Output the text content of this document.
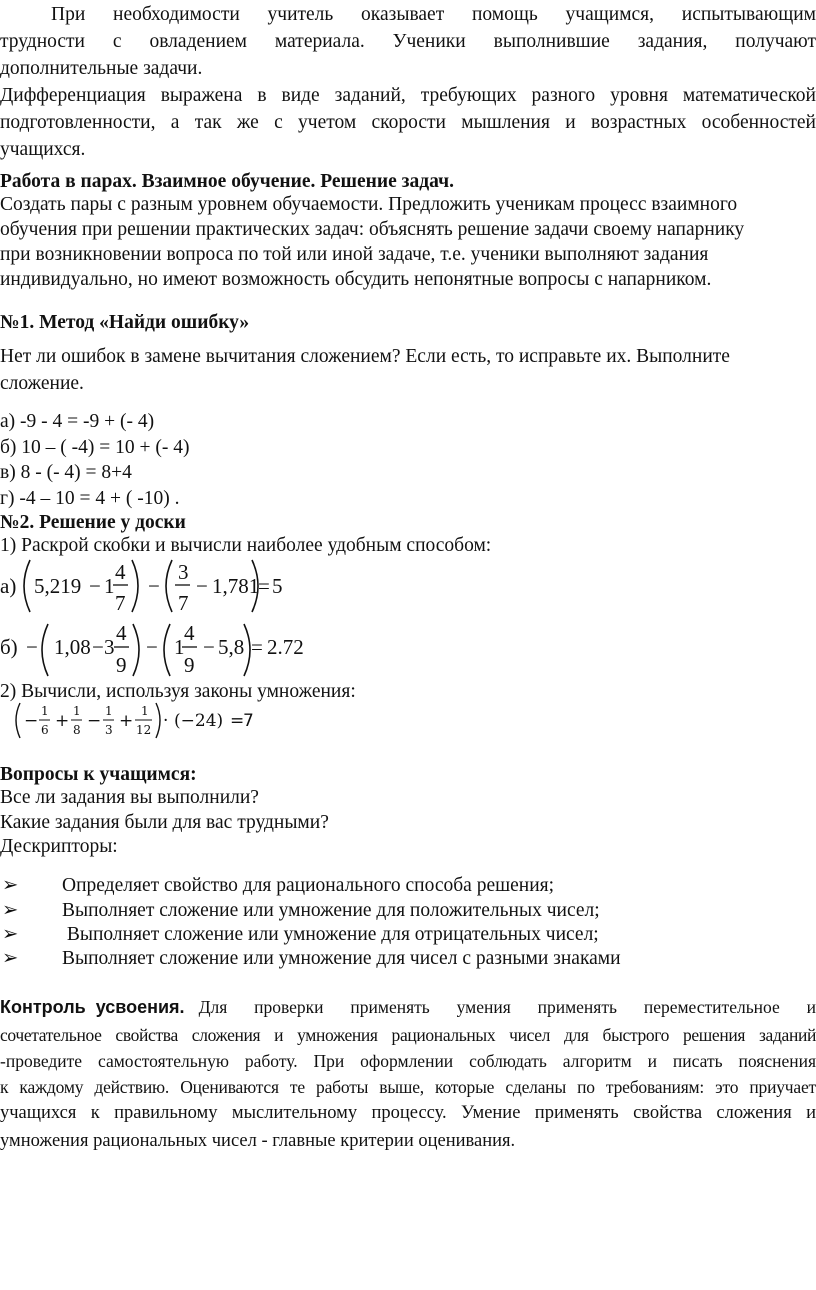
При необходимости учитель оказывает помощь учащимся, испытывающим
трудности с овладением материала. Ученики выполнившие задания, получают
дополнительные задачи.
Дифференциация выражена в виде заданий, требующих разного уровня математической
подготовленности, а так же с учетом скорости мышления и возрастных особенностей
учащихся.
Работа в парах. Взаимное обучение. Решение задач.
Создать пары с разным уровнем обучаемости. Предложить ученикам процесс взаимного
обучения при решении практических задач: объяснять решение задачи своему напарнику
при возникновении вопроса по той или иной задаче, т.е. ученики выполняют задания
индивидуально, но имеют возможность обсудить непонятные вопросы с напарником.
№1. Метод «Найди ошибку»
Нет ли ошибок в замене вычитания сложением? Если есть, то исправьте их. Выполните
сложение.
а) -9 - 4 = -9 + (- 4)
б) 10 – ( -4) = 10 + (- 4)
в) 8 - (- 4) = 8+4
г) -4 – 10 = 4 + ( -10) .
№2. Решение у доски
1) Раскрой скобки и вычисли наиболее удобным способом:
а) 5,219 − 1
4
7
−
3
7
− 1,781
= 5
б) − 1,08 − 3
4
9
− 1
4
9
− 5,8 = 2.72
2) Вычисли, используя законы умножения:
− 1
6 + 1
8 − 1
3 + 1
12 · (−24) =
7
Вопросы к учащимся:
Все ли задания вы выполнили?
Какие задания были для вас трудными?
Дескрипторы:
➢ Определяет свойство для рационального способа решения;
➢ Выполняет сложение или умножение для положительных чисел;
➢ Выполняет сложение или умножение для отрицательных чисел;
➢ Выполняет сложение или умножение для чисел с разными знаками
Контроль  усвоения. Для проверки применять умения применять переместительное и
сочетательное свойства сложения и умножения рациональных чисел для быстрого решения заданий
-проведите самостоятельную работу. При оформлении соблюдать алгоритм и писать пояснения
к каждому действию. Оцениваются те работы выше, которые сделаны по требованиям: это приучает
учащихся к правильному мыслительному процессу. Умение применять свойства сложения и
умножения рациональных чисел - главные критерии оценивания.
